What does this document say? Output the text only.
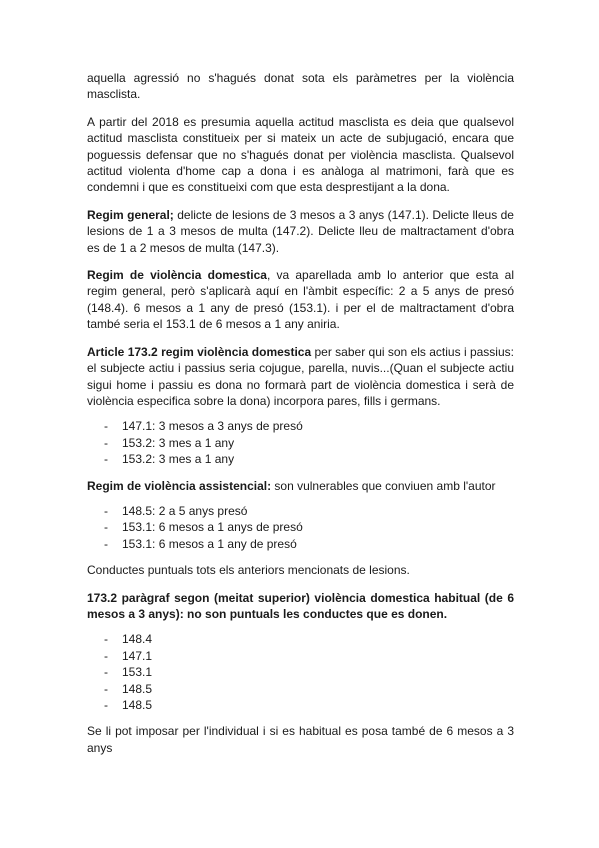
aquella agressió no s'hagués donat sota els paràmetres per la violència masclista.

A partir del 2018 es presumia aquella actitud masclista es deia que qualsevol actitud masclista constitueix per si mateix un acte de subjugació, encara que poguessis defensar que no s'hagués donat per violència masclista. Qualsevol actitud violenta d'home cap a dona i es anàloga al matrimoni, farà que es condemni i que es constitueixi com que esta desprestijant a la dona.

Regim general; delicte de lesions de 3 mesos a 3 anys (147.1). Delicte lleus de lesions de 1 a 3 mesos de multa (147.2). Delicte lleu de maltractament d'obra es de 1 a 2 mesos de multa (147.3).

Regim de violència domestica, va aparellada amb lo anterior que esta al regim general, però s'aplicarà aquí en l'àmbit específic: 2 a 5 anys de presó (148.4). 6 mesos a 1 any de presó (153.1). i per el de maltractament d'obra també seria el 153.1 de 6 mesos a 1 any aniria.

Article 173.2 regim violència domestica per saber qui son els actius i passius: el subjecte actiu i passius seria cojugue, parella, nuvis...(Quan el subjecte actiu sigui home i passiu es dona no formarà part de violència domestica i serà de violència especifica sobre la dona) incorpora pares, fills i germans.

- 147.1: 3 mesos a 3 anys de presó
- 153.2: 3 mes a 1 any
- 153.2: 3 mes a 1 any

Regim de violència assistencial: son vulnerables que conviuen amb l'autor

- 148.5: 2 a 5 anys presó
- 153.1: 6 mesos a 1 anys de presó
- 153.1: 6 mesos a 1 any de presó

Conductes puntuals tots els anteriors mencionats de lesions.

173.2 paràgraf segon (meitat superior) violència domestica habitual (de 6 mesos a 3 anys): no son puntuals les conductes que es donen.

- 148.4
- 147.1
- 153.1
- 148.5
- 148.5

Se li pot imposar per l'individual i si es habitual es posa també de 6 mesos a 3 anys
